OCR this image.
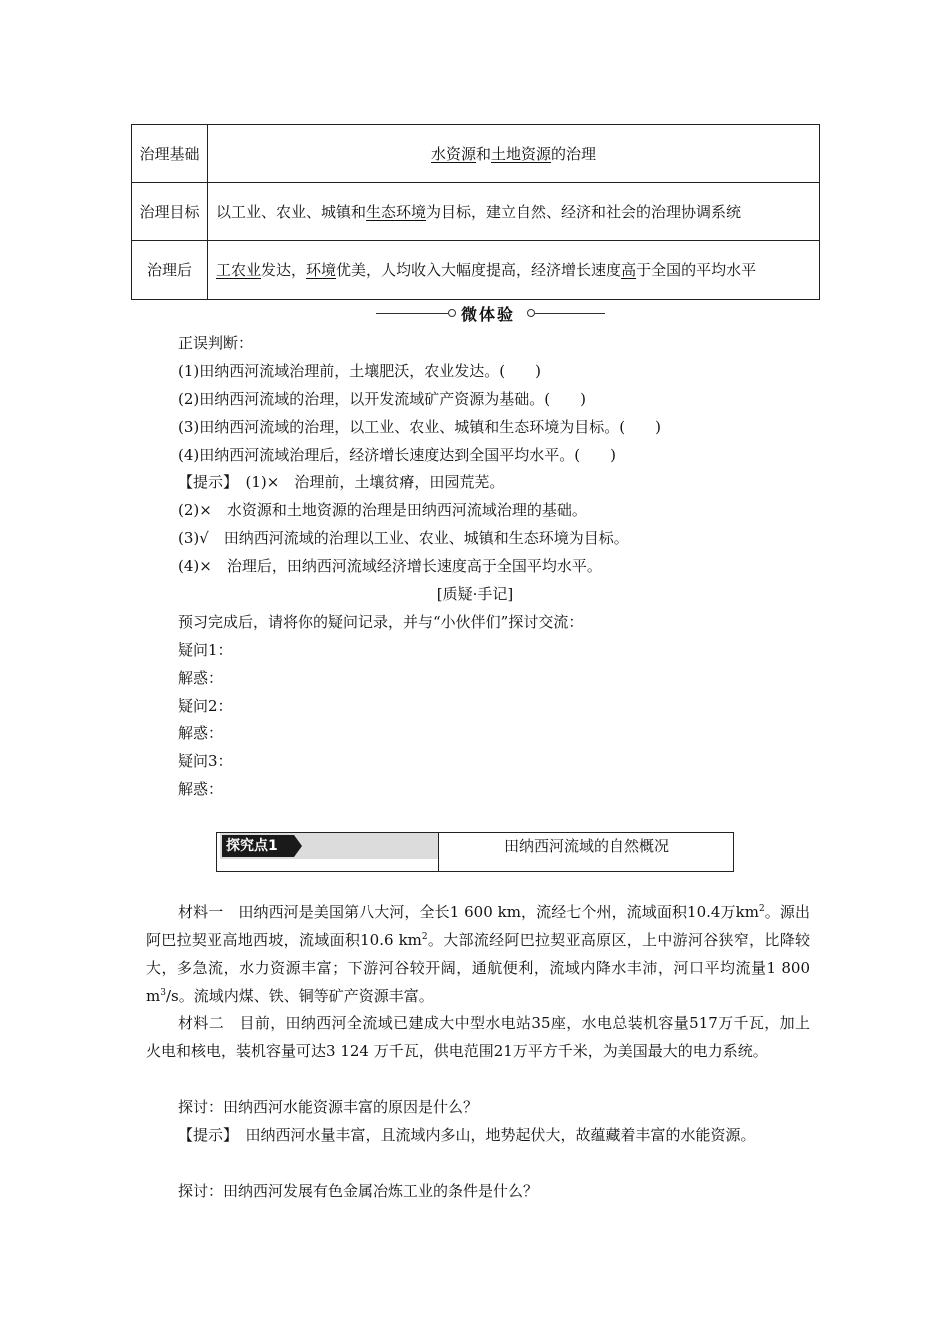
治理基础	水资源和土地资源的治理
治理目标	以工业、农业、城镇和生态环境为目标，建立自然、经济和社会的治理协调系统
治理后	工农业发达，环境优美，人均收入大幅度提高，经济增长速度高于全国的平均水平
微体验
正误判断：
(1)田纳西河流域治理前，土壤肥沃，农业发达。(　　)
(2)田纳西河流域的治理，以开发流域矿产资源为基础。(　　)
(3)田纳西河流域的治理，以工业、农业、城镇和生态环境为目标。(　　)
(4)田纳西河流域治理后，经济增长速度达到全国平均水平。(　　)
【提示】　(1)×　治理前，土壤贫瘠，田园荒芜。
(2)×　水资源和土地资源的治理是田纳西河流域治理的基础。
(3)√　田纳西河流域的治理以工业、农业、城镇和生态环境为目标。
(4)×　治理后，田纳西河流域经济增长速度高于全国平均水平。
[质疑·手记]
预习完成后，请将你的疑问记录，并与“小伙伴们”探讨交流：
疑问1：
解惑：
疑问2：
解惑：
疑问3：
解惑：
探究点1	田纳西河流域的自然概况
材料一　田纳西河是美国第八大河，全长1 600 km，流经七个州，流域面积10.4万$km^2$。源出阿巴拉契亚高地西坡，流域面积10.6 $km^2$。大部流经阿巴拉契亚高原区，上中游河谷狭窄，比降较大，多急流，水力资源丰富；下游河谷较开阔，通航便利，流域内降水丰沛，河口平均流量1 800 $m^3/s$。流域内煤、铁、铜等矿产资源丰富。
材料二　目前，田纳西河全流域已建成大中型水电站35座，水电总装机容量517万千瓦，加上火电和核电，装机容量可达3 124 万千瓦，供电范围21万平方千米，为美国最大的电力系统。
探讨：田纳西河水能资源丰富的原因是什么？
【提示】　田纳西河水量丰富，且流域内多山，地势起伏大，故蕴藏着丰富的水能资源。
探讨：田纳西河发展有色金属冶炼工业的条件是什么？
